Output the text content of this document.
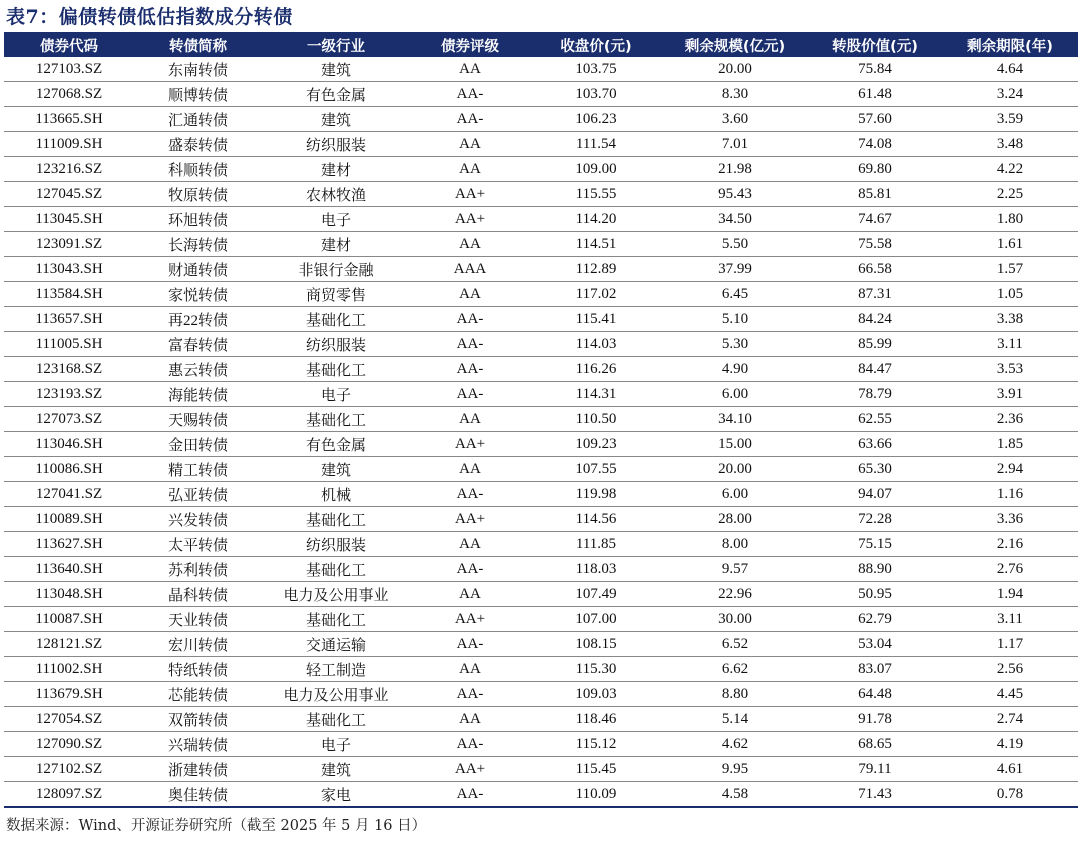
表7：偏债转债低估指数成分转债
债券代码	转债简称	一级行业	债券评级	收盘价(元)	剩余规模(亿元)	转股价值(元)	剩余期限(年)
127103.SZ	东南转债	建筑	AA	103.75	20.00	75.84	4.64
127068.SZ	顺博转债	有色金属	AA-	103.70	8.30	61.48	3.24
113665.SH	汇通转债	建筑	AA-	106.23	3.60	57.60	3.59
111009.SH	盛泰转债	纺织服装	AA	111.54	7.01	74.08	3.48
123216.SZ	科顺转债	建材	AA	109.00	21.98	69.80	4.22
127045.SZ	牧原转债	农林牧渔	AA+	115.55	95.43	85.81	2.25
113045.SH	环旭转债	电子	AA+	114.20	34.50	74.67	1.80
123091.SZ	长海转债	建材	AA	114.51	5.50	75.58	1.61
113043.SH	财通转债	非银行金融	AAA	112.89	37.99	66.58	1.57
113584.SH	家悦转债	商贸零售	AA	117.02	6.45	87.31	1.05
113657.SH	再22转债	基础化工	AA-	115.41	5.10	84.24	3.38
111005.SH	富春转债	纺织服装	AA-	114.03	5.30	85.99	3.11
123168.SZ	惠云转债	基础化工	AA-	116.26	4.90	84.47	3.53
123193.SZ	海能转债	电子	AA-	114.31	6.00	78.79	3.91
127073.SZ	天赐转债	基础化工	AA	110.50	34.10	62.55	2.36
113046.SH	金田转债	有色金属	AA+	109.23	15.00	63.66	1.85
110086.SH	精工转债	建筑	AA	107.55	20.00	65.30	2.94
127041.SZ	弘亚转债	机械	AA-	119.98	6.00	94.07	1.16
110089.SH	兴发转债	基础化工	AA+	114.56	28.00	72.28	3.36
113627.SH	太平转债	纺织服装	AA	111.85	8.00	75.15	2.16
113640.SH	苏利转债	基础化工	AA-	118.03	9.57	88.90	2.76
113048.SH	晶科转债	电力及公用事业	AA	107.49	22.96	50.95	1.94
110087.SH	天业转债	基础化工	AA+	107.00	30.00	62.79	3.11
128121.SZ	宏川转债	交通运输	AA-	108.15	6.52	53.04	1.17
111002.SH	特纸转债	轻工制造	AA	115.30	6.62	83.07	2.56
113679.SH	芯能转债	电力及公用事业	AA-	109.03	8.80	64.48	4.45
127054.SZ	双箭转债	基础化工	AA	118.46	5.14	91.78	2.74
127090.SZ	兴瑞转债	电子	AA-	115.12	4.62	68.65	4.19
127102.SZ	浙建转债	建筑	AA+	115.45	9.95	79.11	4.61
128097.SZ	奥佳转债	家电	AA-	110.09	4.58	71.43	0.78
数据来源：Wind、开源证券研究所（截至 2025 年 5 月 16 日）
